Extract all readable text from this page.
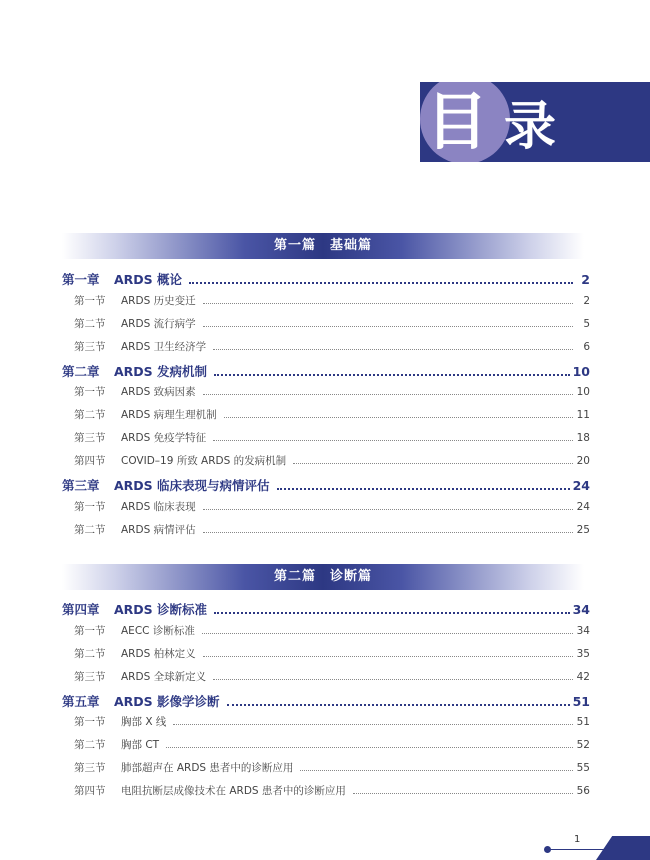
目 录
第一篇　基础篇
第一章	ARDS 概论	2
第一节	ARDS 历史变迁	2
第二节	ARDS 流行病学	5
第三节	ARDS 卫生经济学	6
第二章	ARDS 发病机制	10
第一节	ARDS 致病因素	10
第二节	ARDS 病理生理机制	11
第三节	ARDS 免疫学特征	18
第四节	COVID–19 所致 ARDS 的发病机制	20
第三章	ARDS 临床表现与病情评估	24
第一节	ARDS 临床表现	24
第二节	ARDS 病情评估	25
第二篇　诊断篇
第四章	ARDS 诊断标准	34
第一节	AECC 诊断标准	34
第二节	ARDS 柏林定义	35
第三节	ARDS 全球新定义	42
第五章	ARDS 影像学诊断	51
第一节	胸部 X 线	51
第二节	胸部 CT	52
第三节	肺部超声在 ARDS 患者中的诊断应用	55
第四节	电阻抗断层成像技术在 ARDS 患者中的诊断应用	56
1
